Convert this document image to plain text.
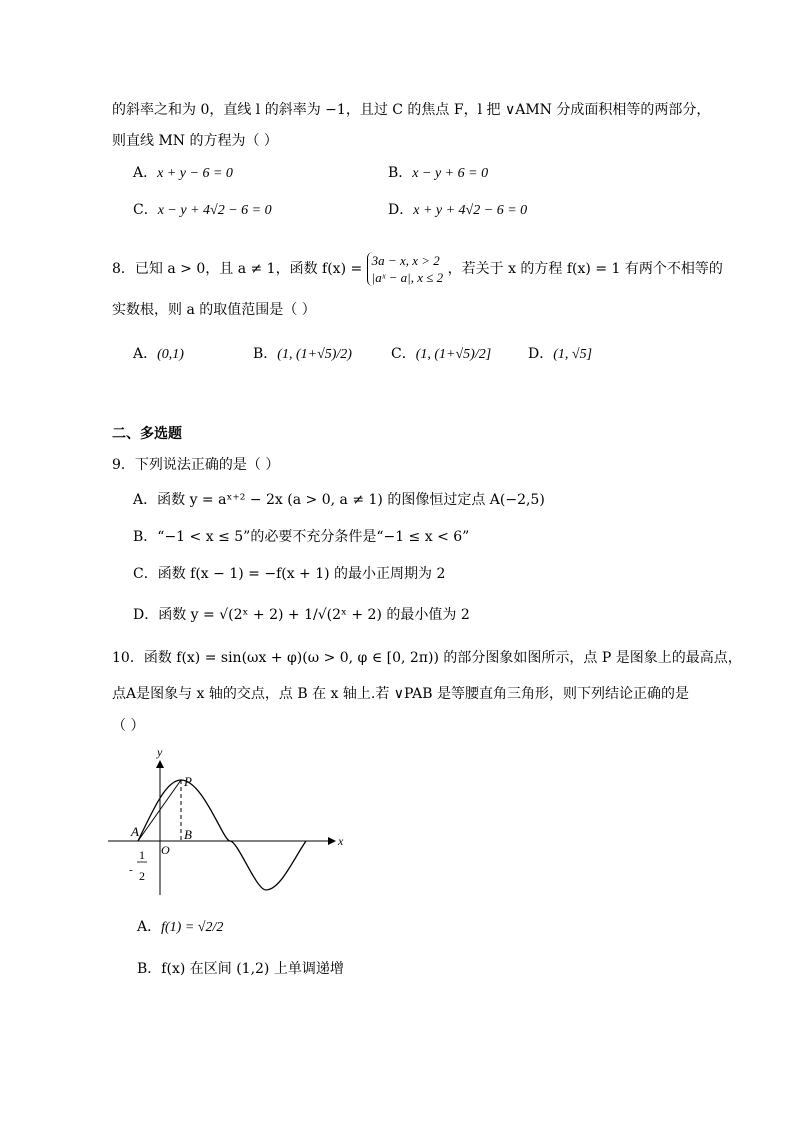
的斜率之和为 0，直线 l 的斜率为 −1，且过 C 的焦点 F，l 把 ∨AMN 分成面积相等的两部分，
则直线 MN 的方程为（ ）
A．x + y − 6 = 0	B．x − y + 6 = 0
C．x − y + 4√2 − 6 = 0	D．x + y + 4√2 − 6 = 0
8．已知 a > 0，且 a ≠ 1，函数 f(x) =
3a − x, x > 2
|aˣ − a|, x ≤ 2
，若关于 x 的方程 f(x) = 1 有两个不相等的
实数根，则 a 的取值范围是（ ）
A．(0,1)	B．(1, (1+√5)/2)	C．(1, (1+√5)/2]	D．(1, √5]
二、多选题
9．下列说法正确的是（ ）
A．函数 y = aˣ⁺² − 2x (a > 0, a ≠ 1) 的图像恒过定点 A(−2,5)
B．“−1 < x ≤ 5”的必要不充分条件是“−1 ≤ x < 6”
C．函数 f(x − 1) = −f(x + 1) 的最小正周期为 2
D．函数 y = √(2ˣ + 2) + 1/√(2ˣ + 2) 的最小值为 2
10．函数 f(x) = sin(ωx + φ)(ω > 0, φ ∈ [0, 2π)) 的部分图象如图所示，点 P 是图象上的最高点，
点A是图象与 x 轴的交点，点 B 在 x 轴上.若 ∨PAB 是等腰直角三角形，则下列结论正确的是
（ ）
y
x
P
A	B
O
-
1
2
A．f(1) = √2/2
B．f(x) 在区间 (1,2) 上单调递增
